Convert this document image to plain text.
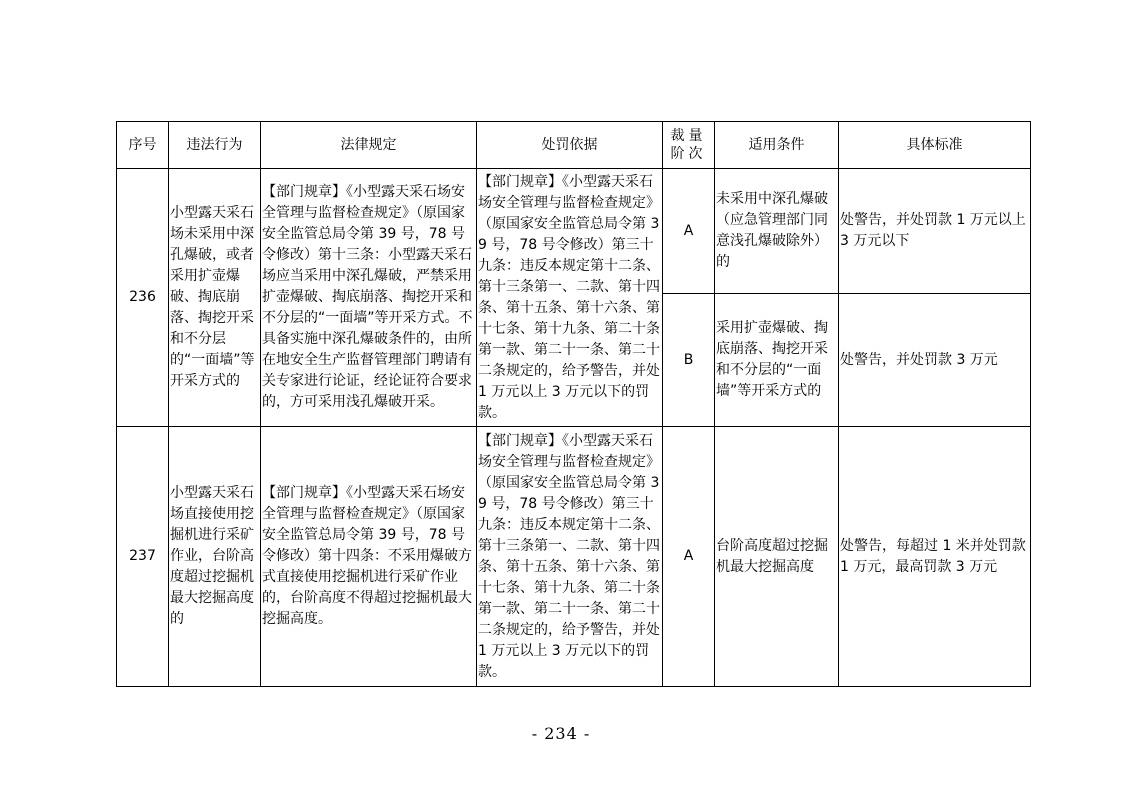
序号	违法行为	法律规定	处罚依据	裁量阶次	适用条件	具体标准
236	小型露天采石场未采用中深孔爆破，或者采用扩壶爆破、掏底崩落、掏挖开采和不分层的“一面墙”等开采方式的	【部门规章】《小型露天采石场安全管理与监督检查规定》（原国家安全监管总局令第 39 号，78 号令修改）第十三条：小型露天采石场应当采用中深孔爆破，严禁采用扩壶爆破、掏底崩落、掏挖开采和不分层的“一面墙”等开采方式。不具备实施中深孔爆破条件的，由所在地安全生产监督管理部门聘请有关专家进行论证，经论证符合要求的，方可采用浅孔爆破开采。	【部门规章】《小型露天采石场安全管理与监督检查规定》（原国家安全监管总局令第 39 号，78 号令修改）第三十九条：违反本规定第十二条、第十三条第一、二款、第十四条、第十五条、第十六条、第十七条、第十九条、第二十条第一款、第二十一条、第二十二条规定的，给予警告，并处 1 万元以上 3 万元以下的罚款。	A	未采用中深孔爆破（应急管理部门同意浅孔爆破除外）的	处警告，并处罚款 1 万元以上 3 万元以下
				B	采用扩壶爆破、掏底崩落、掏挖开采和不分层的“一面墙”等开采方式的	处警告，并处罚款 3 万元
237	小型露天采石场直接使用挖掘机进行采矿作业，台阶高度超过挖掘机最大挖掘高度的	【部门规章】《小型露天采石场安全管理与监督检查规定》（原国家安全监管总局令第 39 号，78 号令修改）第十四条：不采用爆破方式直接使用挖掘机进行采矿作业的，台阶高度不得超过挖掘机最大挖掘高度。	【部门规章】《小型露天采石场安全管理与监督检查规定》（原国家安全监管总局令第 39 号，78 号令修改）第三十九条：违反本规定第十二条、第十三条第一、二款、第十四条、第十五条、第十六条、第十七条、第十九条、第二十条第一款、第二十一条、第二十二条规定的，给予警告，并处 1 万元以上 3 万元以下的罚款。	A	台阶高度超过挖掘机最大挖掘高度	处警告，每超过 1 米并处罚款 1 万元，最高罚款 3 万元
- 234 -
